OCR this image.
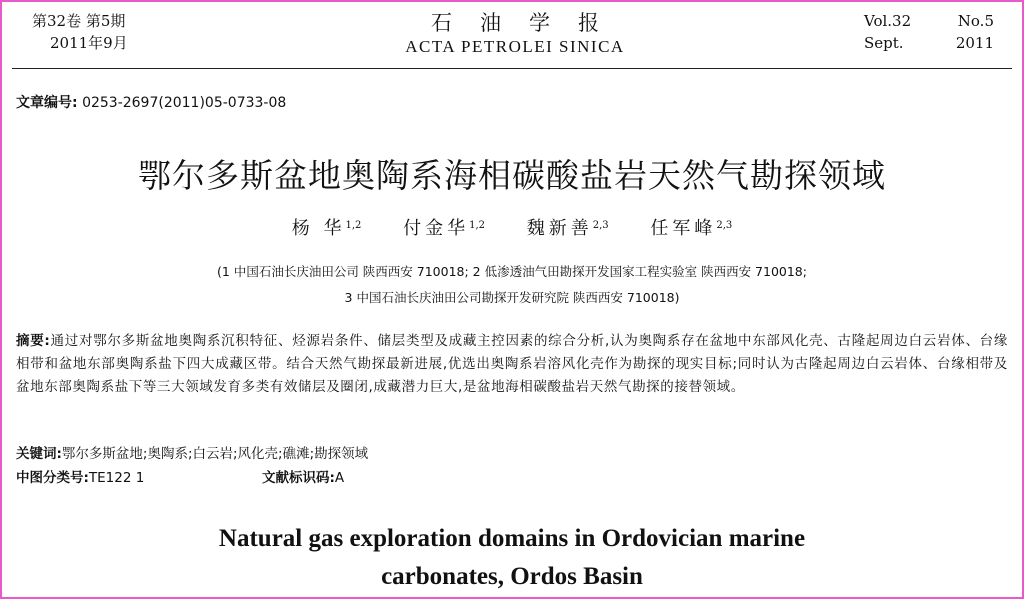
第32卷 第5期
2011年9月
石油学报
ACTA PETROLEI SINICA
Vol.32	No.5
Sept.	2011
文章编号: 0253-2697(2011)05-0733-08
鄂尔多斯盆地奥陶系海相碳酸盐岩天然气勘探领域
杨 华$^{1,2}$ 付金华$^{1,2}$ 魏新善$^{2,3}$ 任军峰$^{2,3}$
(1 中国石油长庆油田公司 陕西西安 710018; 2 低渗透油气田勘探开发国家工程实验室 陕西西安 710018;
3 中国石油长庆油田公司勘探开发研究院 陕西西安 710018)
摘要:通过对鄂尔多斯盆地奥陶系沉积特征、烃源岩条件、储层类型及成藏主控因素的综合分析,认为奥陶系存在盆地中东部风化壳、古隆起周边白云岩体、台缘相带和盆地东部奥陶系盐下四大成藏区带。结合天然气勘探最新进展,优选出奥陶系岩溶风化壳作为勘探的现实目标;同时认为古隆起周边白云岩体、台缘相带及盆地东部奥陶系盐下等三大领域发育多类有效储层及圈闭,成藏潜力巨大,是盆地海相碳酸盐岩天然气勘探的接替领域。
关键词:鄂尔多斯盆地;奥陶系;白云岩;风化壳;礁滩;勘探领域
中图分类号:TE122 1	文献标识码:A
Natural gas exploration domains in Ordovician marine
carbonates, Ordos Basin
